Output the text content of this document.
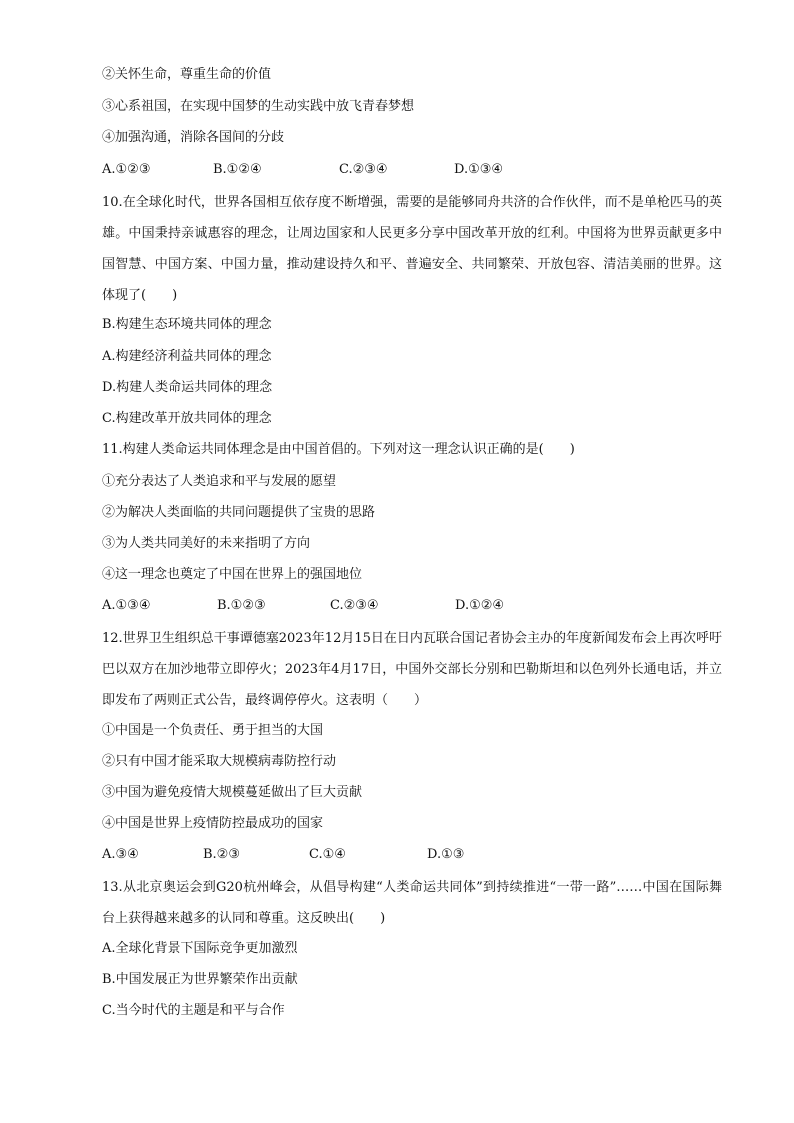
②关怀生命，尊重生命的价值
③心系祖国，在实现中国梦的生动实践中放飞青春梦想
④加强沟通，消除各国间的分歧
A.①②③	B.①②④	C.②③④	D.①③④
10.在全球化时代，世界各国相互依存度不断增强，需要的是能够同舟共济的合作伙伴，而不是单枪匹马的英雄。中国秉持亲诚惠容的理念，让周边国家和人民更多分享中国改革开放的红利。中国将为世界贡献更多中国智慧、中国方案、中国力量，推动建设持久和平、普遍安全、共同繁荣、开放包容、清洁美丽的世界。这体现了(　　)
B.构建生态环境共同体的理念
A.构建经济利益共同体的理念
D.构建人类命运共同体的理念
C.构建改革开放共同体的理念
11.构建人类命运共同体理念是由中国首倡的。下列对这一理念认识正确的是(　　)
①充分表达了人类追求和平与发展的愿望
②为解决人类面临的共同问题提供了宝贵的思路
③为人类共同美好的未来指明了方向
④这一理念也奠定了中国在世界上的强国地位
A.①③④	B.①②③	C.②③④	D.①②④
12.世界卫生组织总干事谭德塞2023年12月15日在日内瓦联合国记者协会主办的年度新闻发布会上再次呼吁巴以双方在加沙地带立即停火；2023年4月17日，中国外交部长分别和巴勒斯坦和以色列外长通电话，并立即发布了两则正式公告，最终调停停火。这表明（　　）
①中国是一个负责任、勇于担当的大国
②只有中国才能采取大规模病毒防控行动
③中国为避免疫情大规模蔓延做出了巨大贡献
④中国是世界上疫情防控最成功的国家
A.③④	B.②③	C.①④	D.①③
13.从北京奥运会到G20杭州峰会，从倡导构建“人类命运共同体”到持续推进“一带一路”……中国在国际舞台上获得越来越多的认同和尊重。这反映出(　　)
A.全球化背景下国际竞争更加激烈
B.中国发展正为世界繁荣作出贡献
C.当今时代的主题是和平与合作
